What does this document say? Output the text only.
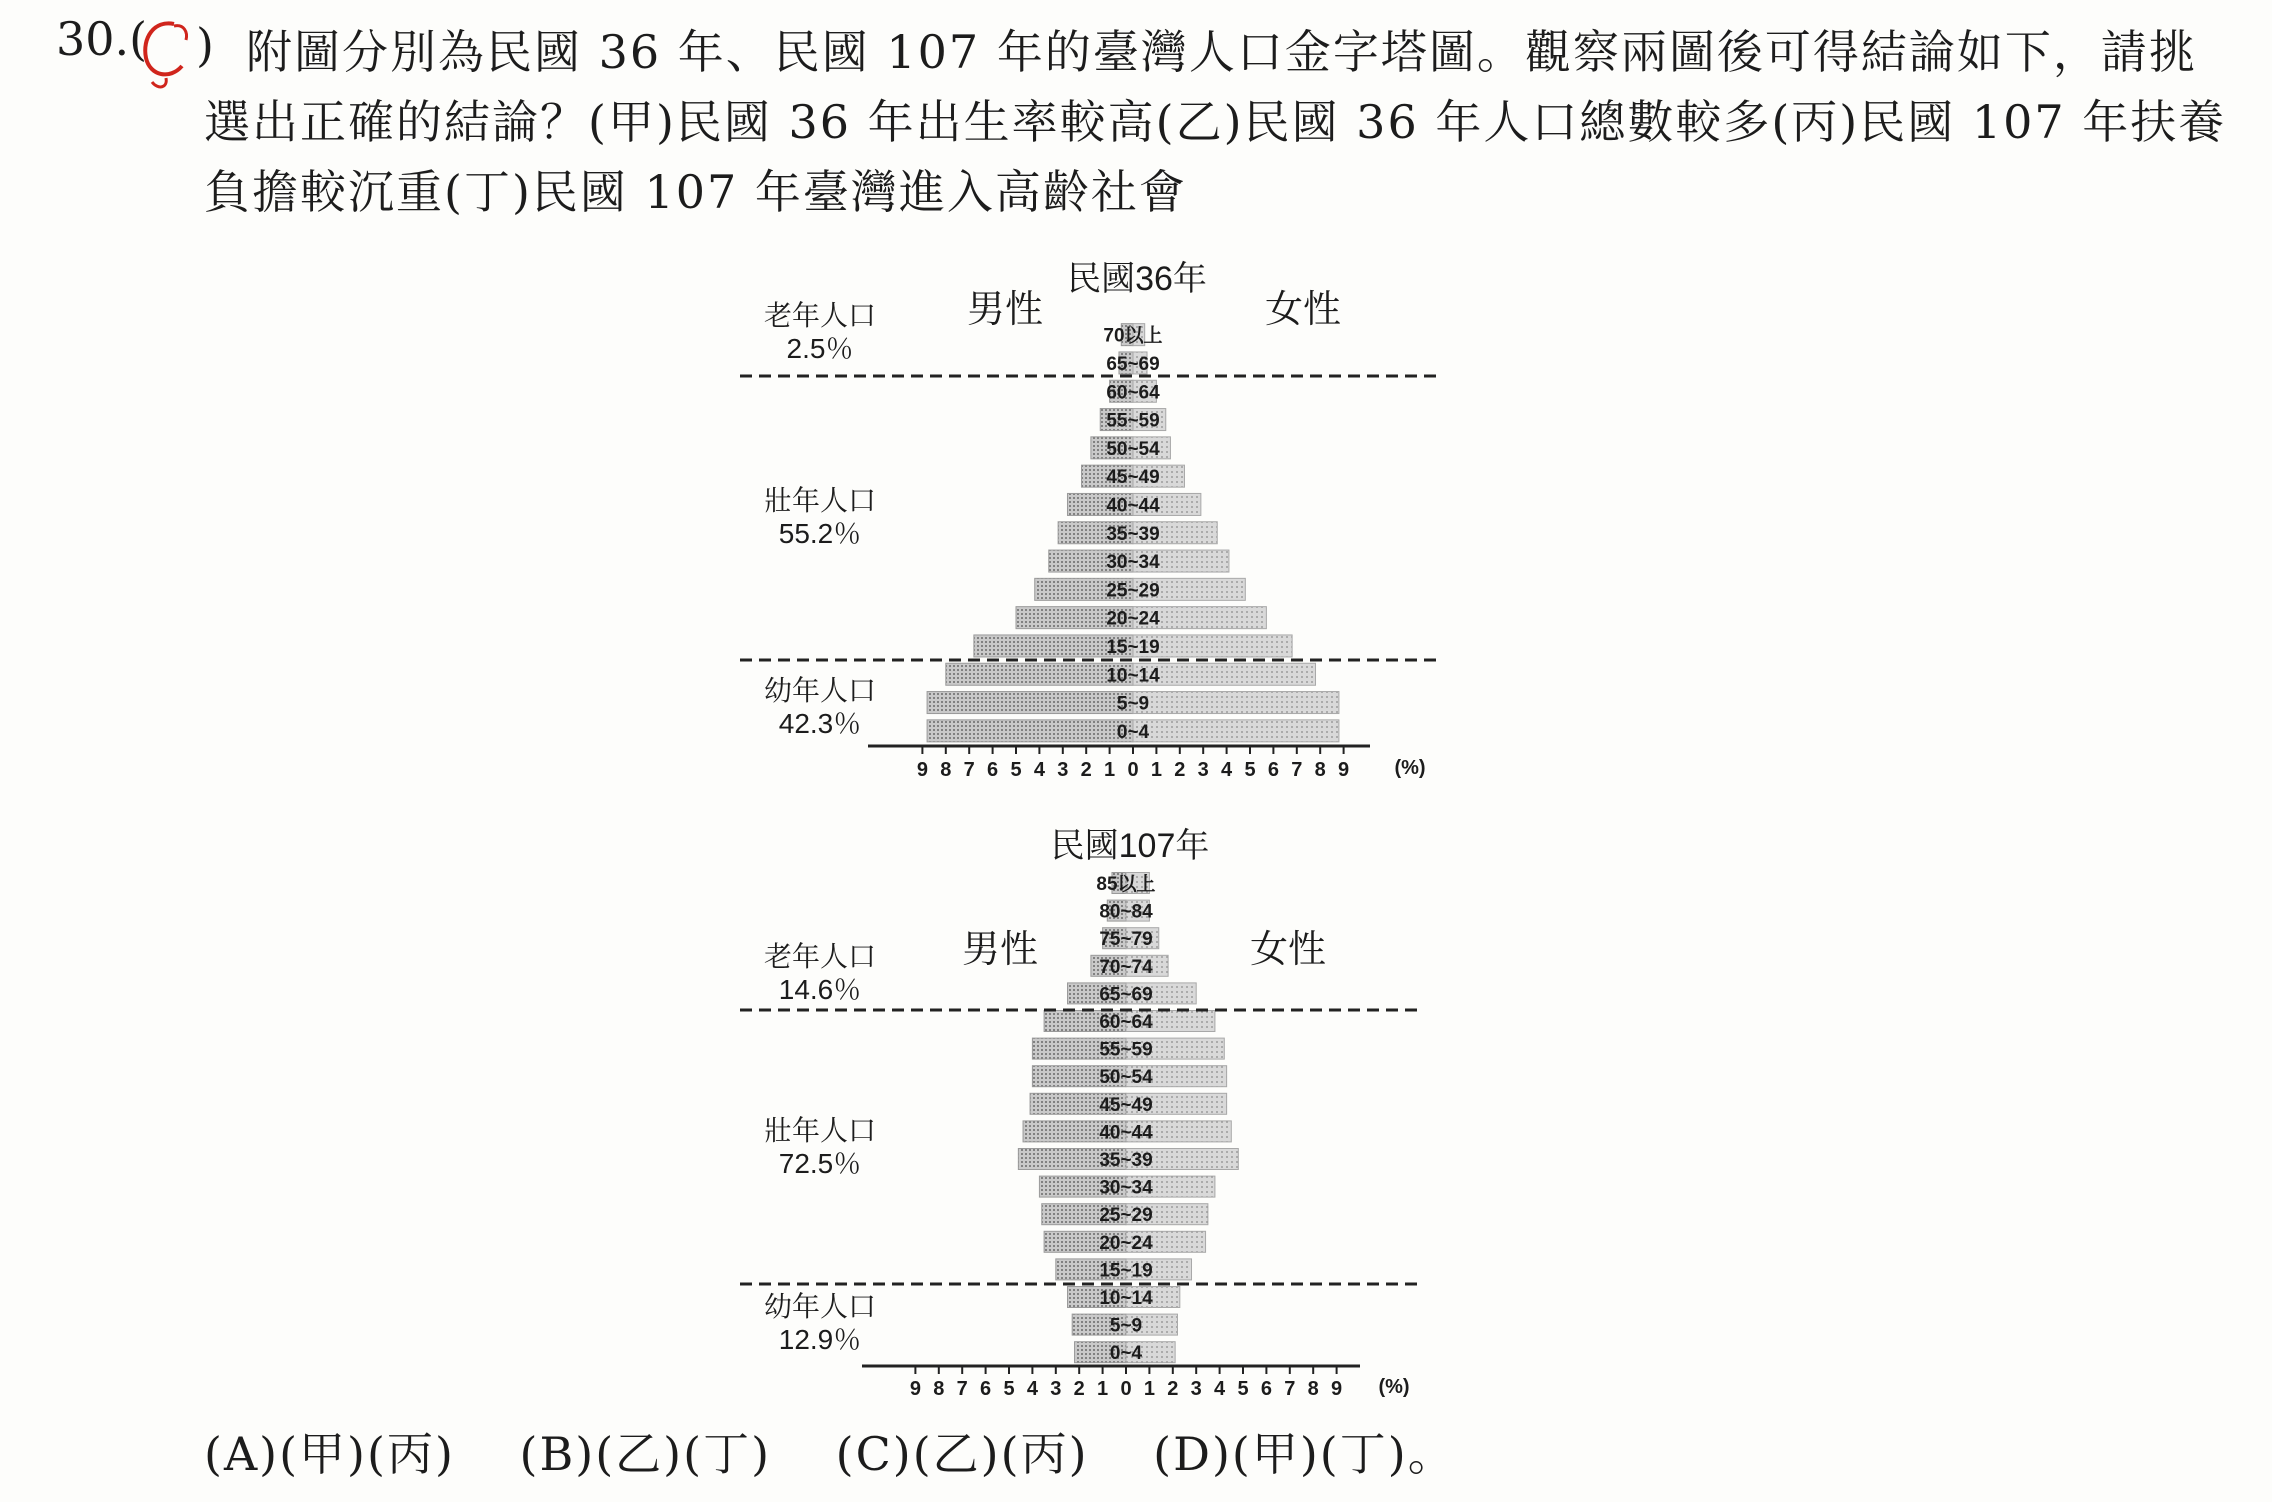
30.( ) 附圖分別為民國 36 年、民國 107 年的臺灣人口金字塔圖。觀察兩圖後可得結論如下，請挑
選出正確的結論？(甲)民國 36 年出生率較高(乙)民國 36 年人口總數較多(丙)民國 107 年扶養
負擔較沉重(丁)民國 107 年臺灣進入高齡社會
民國36年
男性	女性
0~4
5~9
10~14
15~19
20~24
25~29
30~34
35~39
40~44
45~49
50~54
55~59
60~64
65~69
70以上
老年人口
2.5％
壯年人口
55.2％
幼年人口
42.3％
9 8 7 6 5 4 3 2 1 0 1 2 3 4 5 6 7 8 9 (%)
民國107年
男性	女性
0~4
5~9
10~14
15~19
20~24
25~29
30~34
35~39
40~44
45~49
50~54
55~59
60~64
65~69
70~74
75~79
80~84
85以上
老年人口
14.6％
壯年人口
72.5％
幼年人口
12.9％
9 8 7 6 5 4 3 2 1 0 1 2 3 4 5 6 7 8 9 (%)
(A)(甲)(丙) (B)(乙)(丁) (C)(乙)(丙) (D)(甲)(丁)。
